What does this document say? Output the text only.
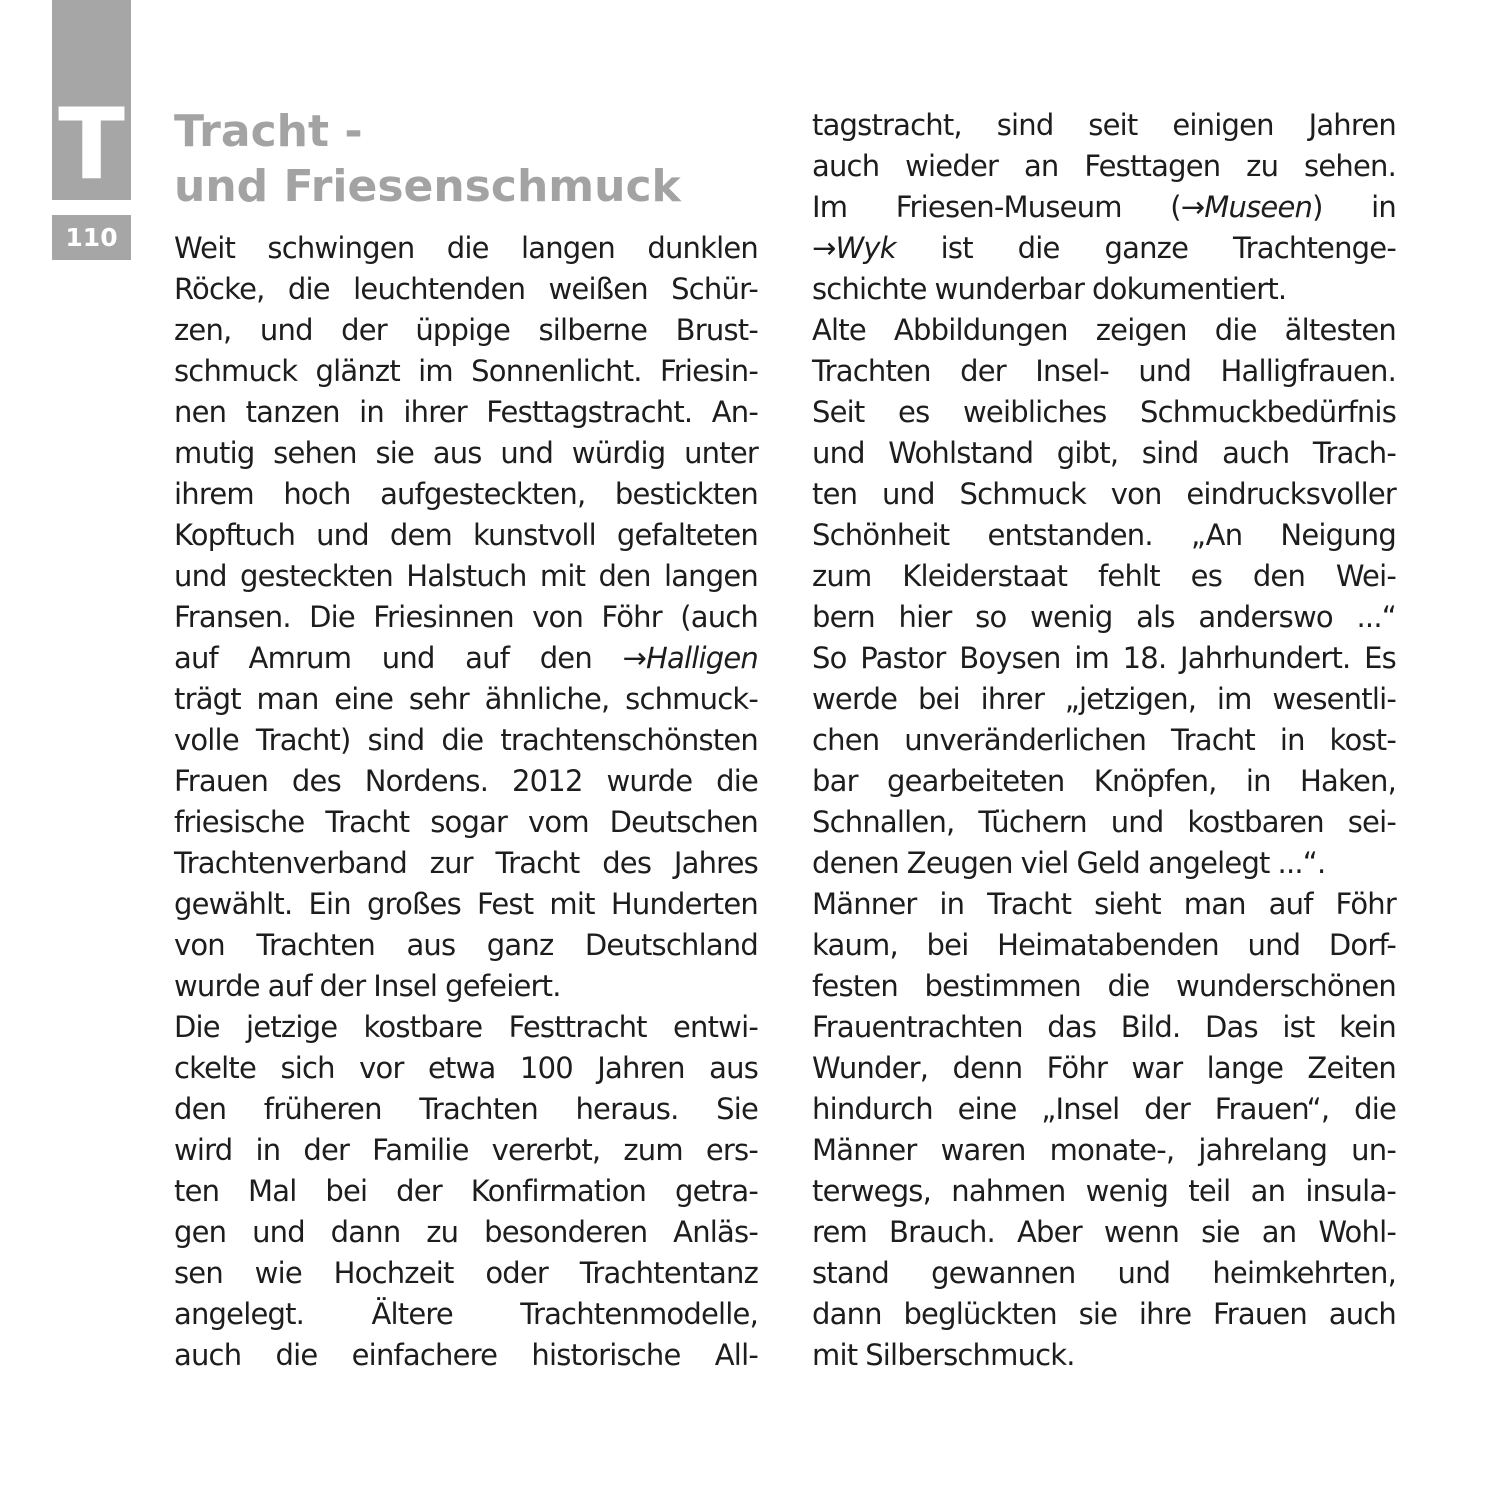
T
110
Tracht -
und Friesenschmuck
Weit schwingen die langen dunklen
Röcke, die leuchtenden weißen Schür-
zen, und der üppige silberne Brust-
schmuck glänzt im Sonnenlicht. Friesin-
nen tanzen in ihrer Festtagstracht. An-
mutig sehen sie aus und würdig unter
ihrem hoch aufgesteckten, bestickten
Kopftuch und dem kunstvoll gefalteten
und gesteckten Halstuch mit den langen
Fransen. Die Friesinnen von Föhr (auch
auf Amrum und auf den →Halligen
trägt man eine sehr ähnliche, schmuck-
volle Tracht) sind die trachtenschönsten
Frauen des Nordens. 2012 wurde die
friesische Tracht sogar vom Deutschen
Trachtenverband zur Tracht des Jahres
gewählt. Ein großes Fest mit Hunderten
von Trachten aus ganz Deutschland
wurde auf der Insel gefeiert.
Die jetzige kostbare Festtracht entwi-
ckelte sich vor etwa 100 Jahren aus
den früheren Trachten heraus. Sie
wird in der Familie vererbt, zum ers-
ten Mal bei der Konfirmation getra-
gen und dann zu besonderen Anläs-
sen wie Hochzeit oder Trachtentanz
angelegt. Ältere Trachtenmodelle,
auch die einfachere historische All-
tagstracht, sind seit einigen Jahren
auch wieder an Festtagen zu sehen.
Im Friesen-Museum (→Museen) in
→Wyk ist die ganze Trachtenge-
schichte wunderbar dokumentiert.
Alte Abbildungen zeigen die ältesten
Trachten der Insel- und Halligfrauen.
Seit es weibliches Schmuckbedürfnis
und Wohlstand gibt, sind auch Trach-
ten und Schmuck von eindrucksvoller
Schönheit entstanden. „An Neigung
zum Kleiderstaat fehlt es den Wei-
bern hier so wenig als anderswo ...“
So Pastor Boysen im 18. Jahrhundert. Es
werde bei ihrer „jetzigen, im wesentli-
chen unveränderlichen Tracht in kost-
bar gearbeiteten Knöpfen, in Haken,
Schnallen, Tüchern und kostbaren sei-
denen Zeugen viel Geld angelegt ...“.
Männer in Tracht sieht man auf Föhr
kaum, bei Heimatabenden und Dorf-
festen bestimmen die wunderschönen
Frauentrachten das Bild. Das ist kein
Wunder, denn Föhr war lange Zeiten
hindurch eine „Insel der Frauen“, die
Männer waren monate-, jahrelang un-
terwegs, nahmen wenig teil an insula-
rem Brauch. Aber wenn sie an Wohl-
stand gewannen und heimkehrten,
dann beglückten sie ihre Frauen auch
mit Silberschmuck.
